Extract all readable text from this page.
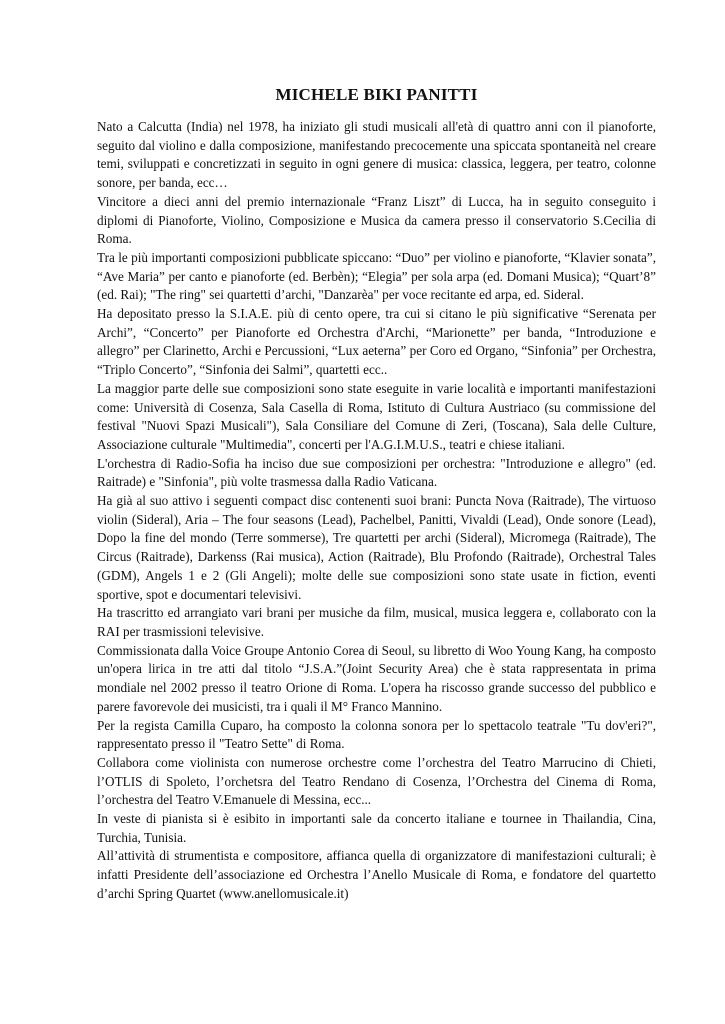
MICHELE BIKI PANITTI

Nato a Calcutta (India) nel 1978, ha iniziato gli studi musicali all'età di quattro anni con il pianoforte, seguito dal violino e dalla composizione, manifestando precocemente una spiccata spontaneità nel creare temi, sviluppati e concretizzati in seguito in ogni genere di musica: classica, leggera, per teatro, colonne sonore, per banda, ecc…

Vincitore a dieci anni del premio internazionale “Franz Liszt” di Lucca, ha in seguito conseguito i diplomi di Pianoforte, Violino, Composizione e Musica da camera presso il conservatorio S.Cecilia di Roma.

Tra le più importanti composizioni pubblicate spiccano: “Duo” per violino e pianoforte, “Klavier sonata”, “Ave Maria” per canto e pianoforte (ed. Berbèn); “Elegia” per sola arpa (ed. Domani Musica); “Quart’8” (ed. Rai); "The ring" sei quartetti d’archi, "Danzarèa" per voce recitante ed arpa, ed. Sideral.

Ha depositato presso la S.I.A.E. più di cento opere, tra cui si citano le più significative “Serenata per Archi”, “Concerto” per Pianoforte ed Orchestra d'Archi, “Marionette” per banda, “Introduzione e allegro” per Clarinetto, Archi e Percussioni, “Lux aeterna” per Coro ed Organo, “Sinfonia” per Orchestra, “Triplo Concerto”, “Sinfonia dei Salmi”, quartetti ecc..

La maggior parte delle sue composizioni sono state eseguite in varie località e importanti manifestazioni come: Università di Cosenza, Sala Casella di Roma, Istituto di Cultura Austriaco (su commissione del festival "Nuovi Spazi Musicali"), Sala Consiliare del Comune di Zeri, (Toscana), Sala delle Culture, Associazione culturale "Multimedia", concerti per l'A.G.I.M.U.S., teatri e chiese italiani.

L'orchestra di Radio-Sofia ha inciso due sue composizioni per orchestra: "Introduzione e allegro" (ed. Raitrade) e "Sinfonia", più volte trasmessa dalla Radio Vaticana.

Ha già al suo attivo i seguenti compact disc contenenti suoi brani: Puncta Nova (Raitrade), The virtuoso violin (Sideral), Aria – The four seasons (Lead), Pachelbel, Panitti, Vivaldi (Lead), Onde sonore (Lead), Dopo la fine del mondo (Terre sommerse), Tre quartetti per archi (Sideral), Micromega (Raitrade), The Circus (Raitrade), Darkenss (Rai musica), Action (Raitrade), Blu Profondo (Raitrade), Orchestral Tales (GDM), Angels 1 e 2 (Gli Angeli); molte delle sue composizioni sono state usate in fiction, eventi sportive, spot e documentari televisivi.

Ha trascritto ed arrangiato vari brani per musiche da film, musical, musica leggera e, collaborato con la RAI per trasmissioni televisive.

Commissionata dalla Voice Groupe Antonio Corea di Seoul, su libretto di Woo Young Kang, ha composto un'opera lirica in tre atti dal titolo “J.S.A.”(Joint Security Area) che è stata rappresentata in prima mondiale nel 2002 presso il teatro Orione di Roma. L'opera ha riscosso grande successo del pubblico e parere favorevole dei musicisti, tra i quali il M° Franco Mannino.

Per la regista Camilla Cuparo, ha composto la colonna sonora per lo spettacolo teatrale "Tu dov'eri?", rappresentato presso il "Teatro Sette" di Roma.

Collabora come violinista con numerose orchestre come l’orchestra del Teatro Marrucino di Chieti, l’OTLIS di Spoleto, l’orchetsra del Teatro Rendano di Cosenza, l’Orchestra del Cinema di Roma, l’orchestra del Teatro V.Emanuele di Messina, ecc...

In veste di pianista si è esibito in importanti sale da concerto italiane e tournee in Thailandia, Cina, Turchia, Tunisia.

All’attività di strumentista e compositore, affianca quella di organizzatore di manifestazioni culturali; è infatti Presidente dell’associazione ed Orchestra l’Anello Musicale di Roma, e fondatore del quartetto d’archi Spring Quartet (www.anellomusicale.it)
